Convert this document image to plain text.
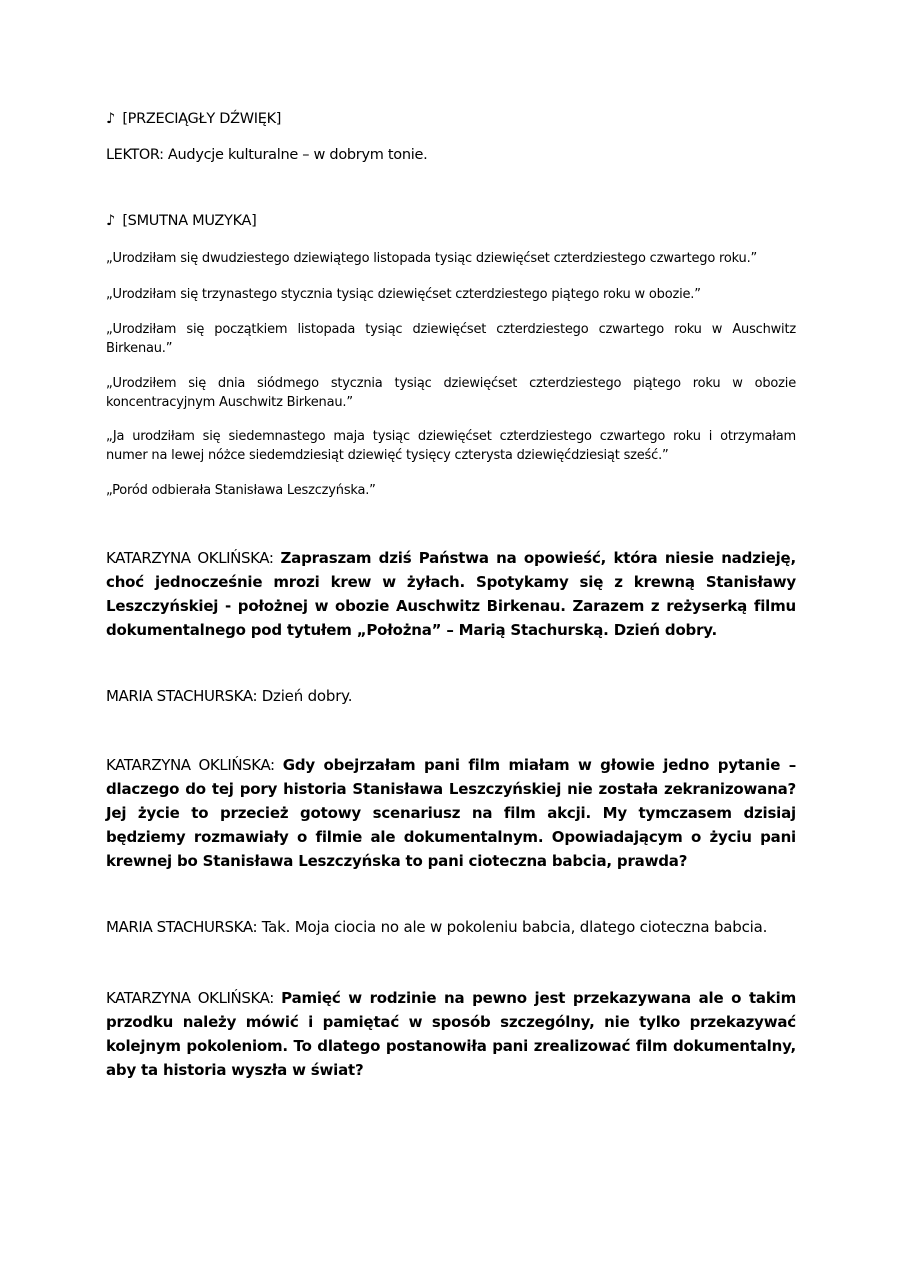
♪ [PRZECIĄGŁY DŹWIĘK]

LEKTOR: Audycje kulturalne – w dobrym tonie.

♪ [SMUTNA MUZYKA]

„Urodziłam się dwudziestego dziewiątego listopada tysiąc dziewięćset czterdziestego czwartego roku.”

„Urodziłam się trzynastego stycznia tysiąc dziewięćset czterdziestego piątego roku w obozie.”

„Urodziłam się początkiem listopada tysiąc dziewięćset czterdziestego czwartego roku w Auschwitz Birkenau.”

„Urodziłem się dnia siódmego stycznia tysiąc dziewięćset czterdziestego piątego roku w obozie koncentracyjnym Auschwitz Birkenau.”

„Ja urodziłam się siedemnastego maja tysiąc dziewięćset czterdziestego czwartego roku i otrzymałam numer na lewej nóżce siedemdziesiąt dziewięć tysięcy czterysta dziewięćdziesiąt sześć.”

„Poród odbierała Stanisława Leszczyńska.”

KATARZYNA OKLIŃSKA: Zapraszam dziś Państwa na opowieść, która niesie nadzieję, choć jednocześnie mrozi krew w żyłach. Spotykamy się z krewną Stanisławy Leszczyńskiej - położnej w obozie Auschwitz Birkenau. Zarazem z reżyserką filmu dokumentalnego pod tytułem „Położna” – Marią Stachurską. Dzień dobry.

MARIA STACHURSKA: Dzień dobry.

KATARZYNA OKLIŃSKA: Gdy obejrzałam pani film miałam w głowie jedno pytanie – dlaczego do tej pory historia Stanisława Leszczyńskiej nie została zekranizowana? Jej życie to przecież gotowy scenariusz na film akcji. My tymczasem dzisiaj będziemy rozmawiały o filmie ale dokumentalnym. Opowiadającym o życiu pani krewnej bo Stanisława Leszczyńska to pani cioteczna babcia, prawda?

MARIA STACHURSKA: Tak. Moja ciocia no ale w pokoleniu babcia, dlatego cioteczna babcia.

KATARZYNA OKLIŃSKA: Pamięć w rodzinie na pewno jest przekazywana ale o takim przodku należy mówić i pamiętać w sposób szczególny, nie tylko przekazywać kolejnym pokoleniom. To dlatego postanowiła pani zrealizować film dokumentalny, aby ta historia wyszła w świat?
